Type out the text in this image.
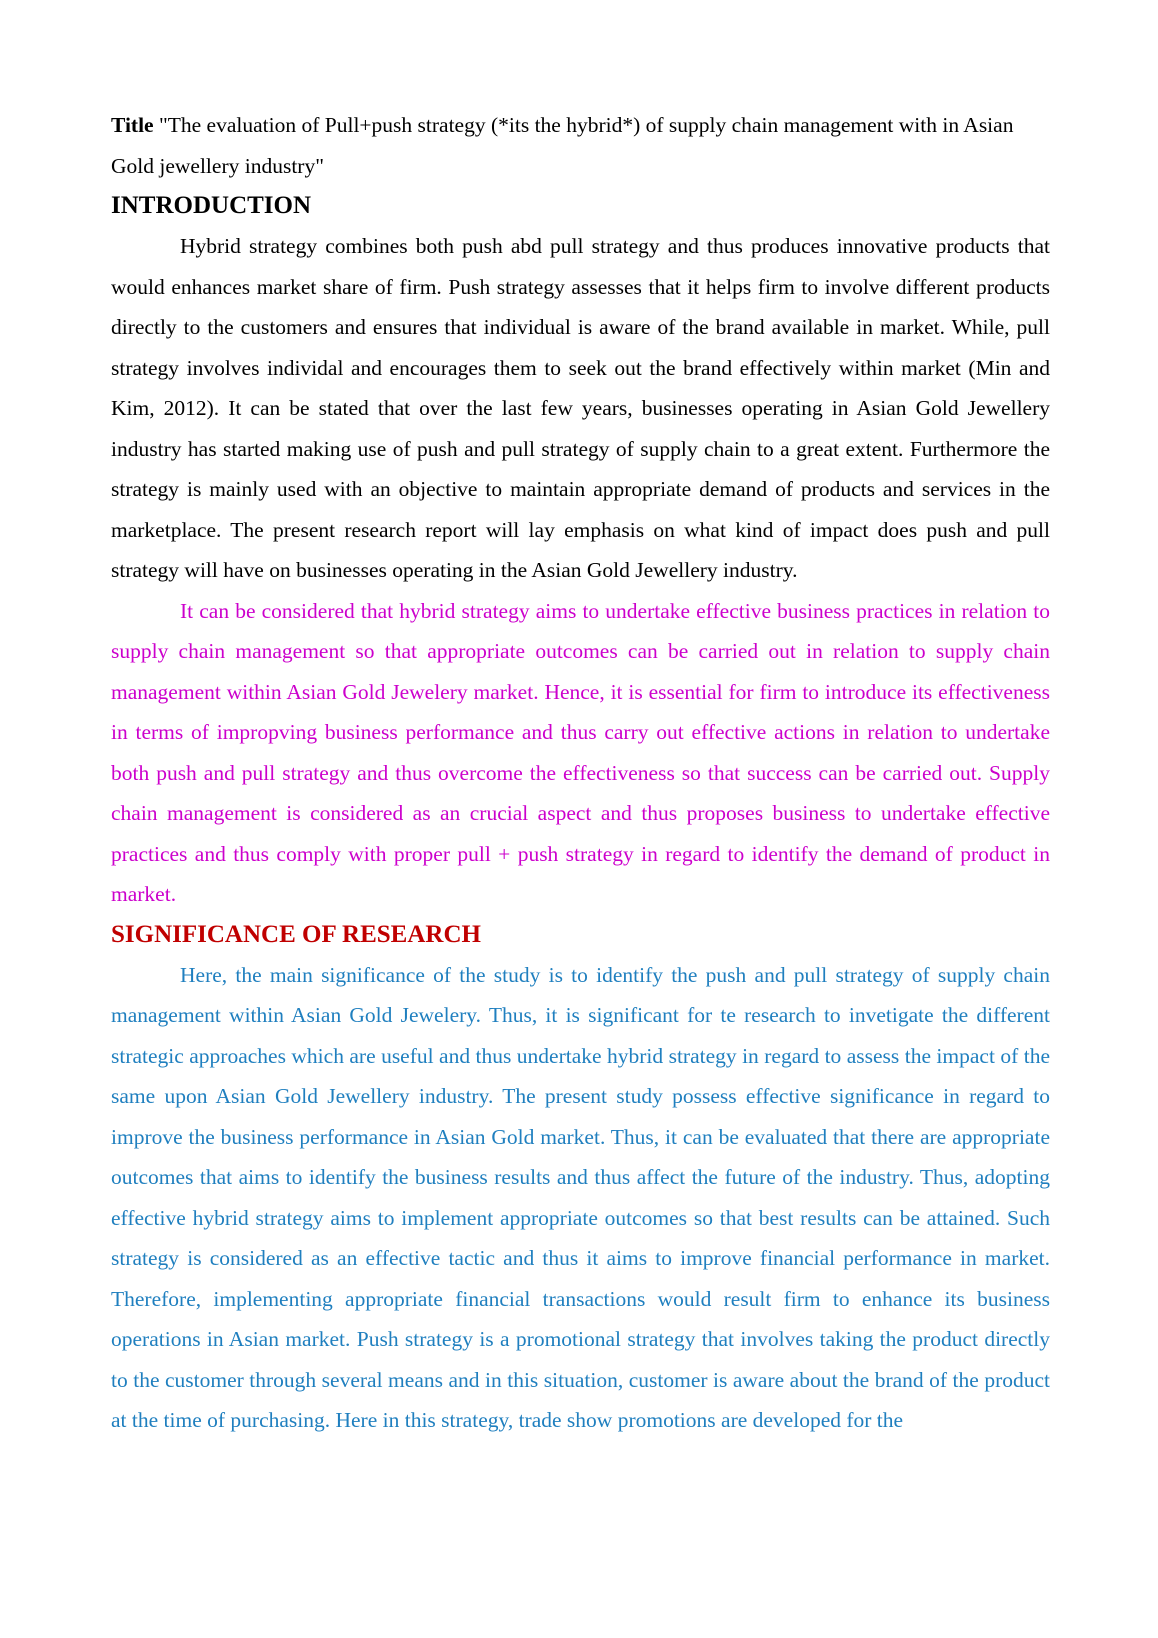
Title "The evaluation of Pull+push strategy (*its the hybrid*) of supply chain management with in Asian Gold jewellery industry"

INTRODUCTION

Hybrid strategy combines both push abd pull strategy and thus produces innovative products that would enhances market share of firm. Push strategy assesses that it helps firm to involve different products directly to the customers and ensures that individual is aware of the brand available in market. While, pull strategy involves individal and encourages them to seek out the brand effectively within market (Min and Kim, 2012). It can be stated that over the last few years, businesses operating in Asian Gold Jewellery industry has started making use of push and pull strategy of supply chain to a great extent. Furthermore the strategy is mainly used with an objective to maintain appropriate demand of products and services in the marketplace. The present research report will lay emphasis on what kind of impact does push and pull strategy will have on businesses operating in the Asian Gold Jewellery industry.

It can be considered that hybrid strategy aims to undertake effective business practices in relation to supply chain management so that appropriate outcomes can be carried out in relation to supply chain management within Asian Gold Jewelery market. Hence, it is essential for firm to introduce its effectiveness in terms of impropving business performance and thus carry out effective actions in relation to undertake both push and pull strategy and thus overcome the effectiveness so that success can be carried out. Supply chain management is considered as an crucial aspect and thus proposes business to undertake effective practices and thus comply with proper pull + push strategy in regard to identify the demand of product in market.

SIGNIFICANCE OF RESEARCH

Here, the main significance of the study is to identify the push and pull strategy of supply chain management within Asian Gold Jewelery. Thus, it is significant for te research to invetigate the different strategic approaches which are useful and thus undertake hybrid strategy in regard to assess the impact of the same upon Asian Gold Jewellery industry. The present study possess effective significance in regard to improve the business performance in Asian Gold market. Thus, it can be evaluated that there are appropriate outcomes that aims to identify the business results and thus affect the future of the industry. Thus, adopting effective hybrid strategy aims to implement appropriate outcomes so that best results can be attained. Such strategy is considered as an effective tactic and thus it aims to improve financial performance in market. Therefore, implementing appropriate financial transactions would result firm to enhance its business operations in Asian market. Push strategy is a promotional strategy that involves taking the product directly to the customer through several means and in this situation, customer is aware about the brand of the product at the time of purchasing. Here in this strategy, trade show promotions are developed for the
